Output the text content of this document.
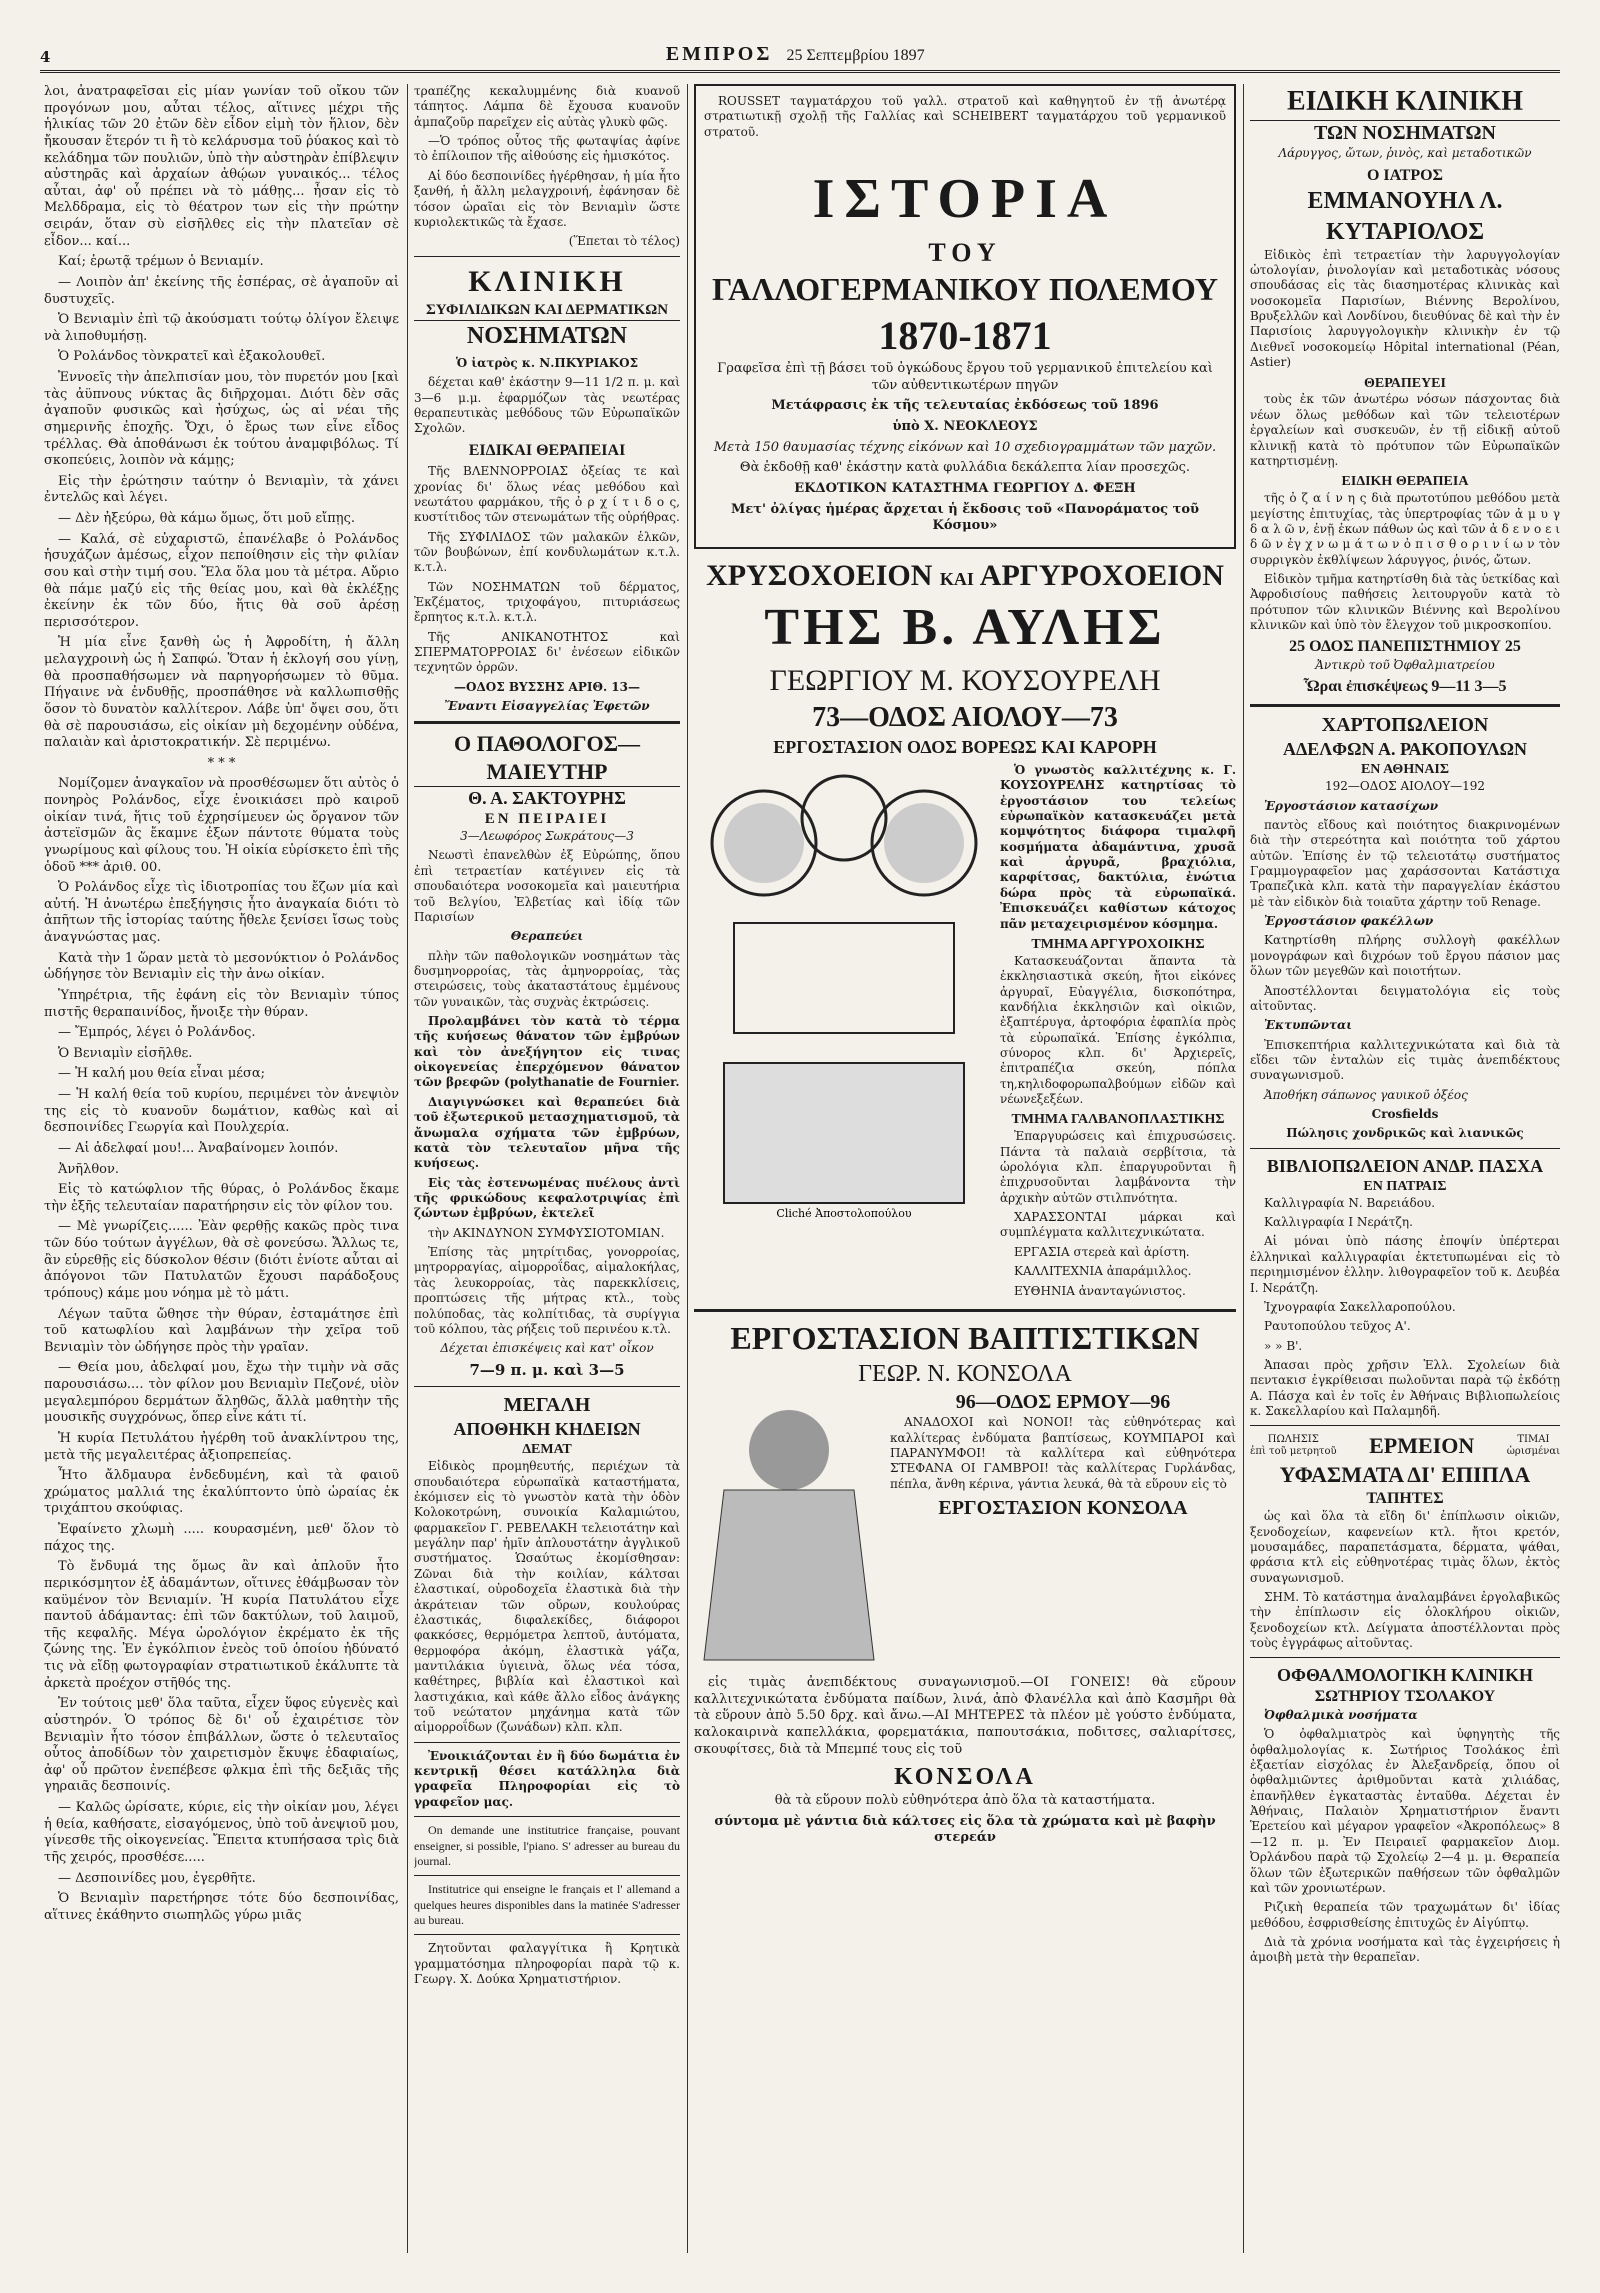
4	ΕΜΠΡΟΣ 25 Σεπτεμβρίου 1897

λοι, ἀνατραφεῖσαι εἰς μίαν γωνίαν τοῦ οἴκου τῶν προγόνων μου, αὗται τέλος, αἵτινες μέχρι τῆς ἡλικίας τῶν 20 ἐτῶν δὲν εἶδον εἰμὴ τὸν ἥλιον, δὲν ἤκουσαν ἕτερόν τι ἢ τὸ κελάρυσμα τοῦ ῥύακος καὶ τὸ κελάδημα τῶν πουλιῶν, ὑπὸ τὴν αὐστηρὰν ἐπίβλεψιν αὐστηρᾶς καὶ ἀρχαίων ἀθῴων γυναικός... τέλος αὗται, ἀφ' οὗ πρέπει νὰ τὸ μάθῃς... ἦσαν εἰς τὸ Μελδδραμα, εἰς τὸ θέατρον των εἰς τὴν πρώτην σειράν, ὅταν σὺ εἰσῆλθες εἰς τὴν πλατεῖαν σὲ εἶδον... καί...

Καί; ἐρωτᾷ τρέμων ὁ Βενιαμίν.

— Λοιπὸν ἀπ' ἐκείνης τῆς ἑσπέρας, σὲ ἀγαποῦν αἱ δυστυχεῖς.

Ὁ Βενιαμὶν ἐπὶ τῷ ἀκούσματι τούτῳ ὀλίγον ἔλειψε νὰ λιποθυμήσῃ.

Ὁ Ρολάνδος τὸνκρατεῖ καὶ ἐξακολουθεῖ.

Ἐννοεῖς τὴν ἀπελπισίαν μου, τὸν πυρετόν μου [καὶ τὰς ἀϋπνους νύκτας ἃς διῆρχομαι. Διότι δὲν σᾶς ἀγαποῦν φυσικῶς καὶ ἠσύχως, ὡς αἱ νέαι τῆς σημερινῆς ἐποχῆς. Ὄχι, ὁ ἔρως των εἶνε εἶδος τρέλλας. Θὰ ἀποθάνωσι ἐκ τούτου ἀναμφιβόλως. Τί σκοπεύεις, λοιπὸν νὰ κάμῃς;

Εἰς τὴν ἐρώτησιν ταύτην ὁ Βενιαμὶν, τὰ χάνει ἐντελῶς καὶ λέγει.

— Δὲν ἠξεύρω, θὰ κάμω ὅμως, ὅτι μοῦ εἴπῃς.

— Καλά, σὲ εὐχαριστῶ, ἐπανέλαβε ὁ Ρολάνδος ἡσυχάζων ἀμέσως, εἶχον πεποίθησιν εἰς τὴν φιλίαν σου καὶ στὴν τιμή σου. Ἔλα ὅλα μου τὰ μέτρα. Αὔριο θὰ πάμε μαζύ εἰς τῆς θείας μου, καὶ θὰ ἐκλέξῃς ἐκείνην ἐκ τῶν δύο, ἥτις θὰ σοῦ ἀρέσῃ περισσότερον.

Ἡ μία εἶνε ξανθὴ ὡς ἡ Ἀφροδίτη, ἡ ἄλλη μελαγχροινὴ ὡς ἡ Σαπφώ. Ὅταν ἡ ἐκλογή σου γίνῃ, θὰ προσπαθήσωμεν νὰ παρηγορήσωμεν τὸ θῦμα. Πήγαινε νὰ ἐνδυθῇς, προσπάθησε νὰ καλλωπισθῇς ὅσον τὸ δυνατὸν καλλίτερον. Λάβε ὑπ' ὄψει σου, ὅτι θὰ σὲ παρουσιάσω, εἰς οἰκίαν μὴ δεχομένην οὐδένα, παλαιὰν καὶ ἀριστοκρατικήν. Σὲ περιμένω.

* * *

Νομίζομεν ἀναγκαῖον νὰ προσθέσωμεν ὅτι αὐτὸς ὁ πονηρὸς Ρολάνδος, εἶχε ἐνοικιάσει πρὸ καιροῦ οἰκίαν τινά, ἥτις τοῦ ἐχρησίμευεν ὡς ὄργανον τῶν ἀστεϊσμῶν ἃς ἔκαμνε ἐξων πάντοτε θύματα τοὺς γνωρίμους καὶ φίλους του. Ἡ οἰκία εὑρίσκετο ἐπὶ τῆς ὁδοῦ *** ἀριθ. 00.

Ὁ Ρολάνδος εἶχε τὶς ἰδιοτροπίας του ἔζων μία καὶ αὐτή. Ἡ ἀνωτέρω ἐπεξήγησις ἦτο ἀναγκαία διότι τὸ ἀπῆτων τῆς ἱστορίας ταύτης ἤθελε ξενίσει ἴσως τοὺς ἀναγνώστας μας.

Κατὰ τὴν 1 ὥραν μετὰ τὸ μεσονύκτιον ὁ Ρολάνδος ὡδήγησε τὸν Βενιαμὶν εἰς τὴν ἀνω οἰκίαν.

Ὑπηρέτρια, τῆς ἐφάνη εἰς τὸν Βενιαμὶν τύπος πιστῆς θεραπαινίδος, ἤνοιξε τὴν θύραν.

— Ἔμπρός, λέγει ὁ Ρολάνδος.

Ὁ Βενιαμὶν εἰσῆλθε.

— Ἡ καλή μου θεία εἶναι μέσα;

— Ἡ καλή θεία τοῦ κυρίου, περιμένει τὸν ἀνεψιὸν της εἰς τὸ κυανοῦν δωμάτιον, καθὼς καὶ αἱ δεσποινίδες Γεωργία καὶ Πουλχερία.

— Αἱ ἀδελφαί μου!... Ἀναβαίνομεν λοιπόν.

Ἀνῆλθον.

Εἰς τὸ κατώφλιον τῆς θύρας, ὁ Ρολάνδος ἔκαμε τὴν ἑξῆς τελευταίαν παρατήρησιν εἰς τὸν φίλον του.

— Μὲ γνωρίζεις...... Ἐὰν φερθῇς κακῶς πρὸς τινα τῶν δύο τούτων ἀγγέλων, θὰ σὲ φονεύσω. Ἄλλως τε, ἂν εὑρεθῇς εἰς δύσκολον θέσιν (διότι ἐνίοτε αὗται αἱ ἀπόγονοι τῶν Πατυλατῶν ἔχουσι παράδοξους τρόπους) κάμε μου νόημα μὲ τὸ μάτι.

Λέγων ταῦτα ὤθησε τὴν θύραν, ἐσταμάτησε ἐπὶ τοῦ κατωφλίου καὶ λαμβάνων τὴν χεῖρα τοῦ Βενιαμὶν τὸν ὡδήγησε πρὸς τὴν γραῖαν.

— Θεία μου, ἀδελφαί μου, ἔχω τὴν τιμὴν νὰ σᾶς παρουσιάσω.... τὸν φίλον μου Βενιαμὶν Πεζονέ, υἱὸν μεγαλεμπόρου δερμάτων ἄληθῶς, ἄλλὰ μαθητὴν τῆς μουσικῆς συγχρόνως, ὅπερ εἶνε κάτι τί.

Ἡ κυρία Πετυλάτου ἠγέρθη τοῦ ἀνακλίντρου της, μετὰ τῆς μεγαλειτέρας ἀξιοπρεπείας.

Ἦτο ἄλδμαυρα ἐνδεδυμένη, καὶ τὰ φαιοῦ χρώματος μαλλιά της ἐκαλύπτοντο ὑπὸ ὡραίας ἐκ τριχάπτου σκούφιας.

Ἐφαίνετο χλωμὴ ..... κουρασμένη, μεθ' ὅλον τὸ πάχος της.

Τὸ ἔνδυμά της ὅμως ἂν καὶ ἁπλοῦν ἦτο περικόσμητον ἐξ ἀδαμάντων, οἵτινες ἐθάμβωσαν τὸν καϋμένον τὸν Βενιαμίν. Ἡ κυρία Πατυλάτου εἶχε παντοῦ ἀδάμαντας: ἐπὶ τῶν δακτύλων, τοῦ λαιμοῦ, τῆς κεφαλῆς. Μέγα ὡρολόγιον ἐκρέματο ἐκ τῆς ζώνης της. Ἐν ἐγκόλπιον ἐνεὸς τοῦ ὁποίου ἠδύνατό τις νὰ εἴδῃ φωτογραφίαν στρατιωτικοῦ ἐκάλυπτε τὰ ἀρκετὰ προέχον στῆθός της.

Ἐν τούτοις μεθ' ὅλα ταῦτα, εἶχεν ὕφος εὐγενὲς καὶ αὐστηρόν. Ὁ τρόπος δὲ δι' οὗ ἐχαιρέτισε τὸν Βενιαμὶν ἦτο τόσον ἐπιβάλλων, ὥστε ὁ τελευταῖος οὗτος ἀποδίδων τὸν χαιρετισμὸν ἔκυψε ἐδαφιαίως, ἀφ' οὗ πρῶτον ἐνεπέβεσε φλκμα ἐπὶ τῆς δεξιᾶς τῆς γηραιᾶς δεσποινίς.

— Καλῶς ὡρίσατε, κύριε, εἰς τὴν οἰκίαν μου, λέγει ἡ θεία, καθήσατε, εἰσαγόμενος, ὑπὸ τοῦ ἀνεψιοῦ μου, γίνεσθε τῆς οἰκογενείας. Ἔπειτα κτυπήσασα τρὶς διὰ τῆς χειρός, προσθέσε.....

— Δεσποινίδες μου, ἐγερθῆτε.

Ὁ Βενιαμὶν παρετήρησε τότε δύο δεσποινίδας, αἵτινες ἐκάθηντο σιωπηλῶς γύρω μιᾶς

τραπέζης κεκαλυμμένης διὰ κυανοῦ τάπητος. Λάμπα δὲ ἔχουσα κυανοῦν ἀμπαζοῦρ παρεῖχεν εἰς αὐτὰς γλυκὺ φῶς.

—Ὁ τρόπος οὗτος τῆς φωταψίας ἀφίνε τὸ ἐπίλοιπον τῆς αἰθούσης εἰς ἡμισκότος.

Αἱ δύο δεσποινίδες ἠγέρθησαν, ἡ μία ἦτο ξανθή, ἡ ἄλλη μελαγχροινή, ἐφάνησαν δὲ τόσον ὡραῖαι εἰς τὸν Βενιαμὶν ὥστε κυριολεκτικῶς τὰ ἔχασε.

(Ἕπεται τὸ τέλος)

ΚΛΙΝΙΚΗ
ΣΥΦΙΛΙΔΙΚΩΝ ΚΑΙ ΔΕΡΜΑΤΙΚΩΝ
ΝΟΣΗΜΑΤΩΝ

Ὁ ἰατρὸς κ. Ν.ΠΚΥΡΙΑΚΟΣ

δέχεται καθ' ἑκάστην 9—11 1/2 π. μ. καὶ 3—6 μ.μ. ἐφαρμόζων τὰς νεωτέρας θεραπευτικὰς μεθόδους τῶν Εὐρωπαϊκῶν Σχολῶν.

ΕΙΔΙΚΑΙ ΘΕΡΑΠΕΙΑΙ

Τῆς ΒΛΕΝΝΟΡΡΟΙΑΣ ὀξείας τε καὶ χρονίας δι' ὅλως νέας μεθόδου καὶ νεωτάτου φαρμάκου, τῆς ὀ ρ χ ί τ ι δ ο ς, κυστίτιδος τῶν στενωμάτων τῆς οὐρήθρας.

Τῆς ΣΥΦΙΛΙΔΟΣ τῶν μαλακῶν ἑλκῶν, τῶν βουβώνων, ἐπί κονδυλωμάτων κ.τ.λ. κ.τ.λ.

Τῶν ΝΟΣΗΜΑΤΩΝ τοῦ δέρματος, Ἐκζέματος, τριχοφάγου, πιτυριάσεως ἔρπητος κ.τ.λ. κ.τ.λ.

Τῆς ΑΝΙΚΑΝΟΤΗΤΟΣ καὶ ΣΠΕΡΜΑΤΟΡΡΟΙΑΣ δι' ἐνέσεων εἰδικῶν τεχνητῶν ὀρρῶν.

—ΟΔΟΣ ΒΥΣΣΗΣ ΑΡΙΘ. 13—

Ἔναντι Εἰσαγγελίας Ἐφετῶν

Ο ΠΑΘΟΛΟΓΟΣ—ΜΑΙΕΥΤΗΡ
Θ. Α. ΣΑΚΤΟΥΡΗΣ
ΕΝ ΠΕΙΡΑΙΕΙ

3—Λεωφόρος Σωκράτους—3

Νεωστὶ ἐπανελθὼν ἐξ Εὐρώπης, ὅπου ἐπὶ τετραετίαν κατέγινεν εἰς τὰ σπουδαιότερα νοσοκομεῖα καὶ μαιευτήρια τοῦ Βελγίου, Ἑλβετίας καὶ ἰδίᾳ τῶν Παρισίων

Θεραπεύει

πλὴν τῶν παθολογικῶν νοσημάτων τὰς δυσμηνορροίας, τὰς ἀμηνορροίας, τὰς στειρώσεις, τοὺς ἀκαταστάτους ἐμμένους τῶν γυναικῶν, τὰς συχνὰς ἐκτρώσεις.

Προλαμβάνει τὸν κατὰ τὸ τέρμα τῆς κυήσεως θάνατον τῶν ἐμβρύων καὶ τὸν ἀνεξήγητον εἰς τινας οἰκογενείας ἐπερχόμενον θάνατον τῶν βρεφῶν (polythanatie de Fournier.

Διαγιγνώσκει καὶ θεραπεύει διὰ τοῦ ἐξωτερικοῦ μετασχηματισμοῦ, τὰ ἄνωμαλα σχήματα τῶν ἐμβρύων, κατὰ τὸν τελευταῖον μῆνα τῆς κυήσεως.

Εἰς τὰς ἐστενωμένας πυέλους ἀντὶ τῆς φρικώδους κεφαλοτριψίας ἐπὶ ζώντων ἐμβρύων, ἐκτελεῖ

τὴν ΑΚΙΝΔΥΝΟΝ ΣΥΜΦΥΣΙΟΤΟΜΙΑΝ.

Ἐπίσης τὰς μητρίτιδας, γονορροίας, μητρορραγίας, αἱμορροΐδας, αἱμαλοκήλας, τὰς λευκορροίας, τὰς παρεκκλίσεις, προπτώσεις τῆς μήτρας κτλ., τοὺς πολύποδας, τὰς κολπίτιδας, τὰ συρίγγια τοῦ κόλπου, τὰς ρήξεις τοῦ περινέου κ.τλ.

Δέχεται ἐπισκέψεις καὶ κατ' οἶκον

7—9 π. μ. καὶ 3—5

ΜΕΓΑΛΗ
ΑΠΟΘΗΚΗ ΚΗΔΕΙΩΝ
ΔΕΜΑΤ

Εἰδικὸς προμηθευτής, περιέχων τὰ σπουδαιότερα εὐρωπαϊκὰ καταστήματα, ἐκόμισεν εἰς τὸ γνωστὸν κατὰ τὴν ὁδὸν Κολοκοτρώνη, συνοικία Καλαμιώτου, φαρμακεῖον Γ. ΡΕΒΕΛΑΚΗ τελειοτάτην καὶ μεγάλην παρ' ἡμῖν ἀπλουστάτην ἀγγλικοῦ συστήματος. Ὡσαύτως ἐκομίσθησαν: Ζῶναι διὰ τὴν κοιλίαν, κάλτσαι ἐλαστικαί, οὐροδοχεῖα ἐλαστικὰ διὰ τὴν ἀκράτειαν τῶν οὔρων, κουλούρας ἐλαστικάς, διφαλεκίδες, διάφοροι φακκόσες, θερμόμετρα λεπτοῦ, ἀυτόματα, θερμοφόρα ἀκόμη, ἐλαστικὰ γάζα, μαντιλάκια ὑγιεινὰ, ὅλως νέα τόσα, καθέτηρες, βιβλία καὶ ἐλαστικοὶ καὶ λαστιχάκια, καὶ κάθε ἄλλο εἶδος ἀνάγκης τοῦ νεώτατον μηχάνημα κατὰ τῶν αἱμορροΐδων (ζωνάδων) κλπ. κλπ.

Ἐνοικιάζονται ἐν ἢ δύο δωμάτια ἐν κεντρικῇ θέσει κατάλληλα διὰ γραφεῖα Πληροφορίαι εἰς τὸ γραφεῖον μας.

On demande une institutrice française, pouvant enseigner, si possible, l'piano. S' adresser au bureau du journal.

Institutrice qui enseigne le français et l' allemand a quelques heures disponibles dans la matinée S'adresser au bureau.

Ζητοῦνται φαλαγγίτικα ἢ Κρητικὰ γραμματόσημα πληροφορίαι παρὰ τῷ κ. Γεωργ. Χ. Δούκα Χρηματιστήριον.

ROUSSET ταγματάρχου τοῦ γαλλ. στρατοῦ καὶ καθηγητοῦ ἐν τῇ ἀνωτέρᾳ στρατιωτικῇ σχολῇ τῆς Γαλλίας καὶ SCHEIBERT ταγματάρχου τοῦ γερμανικοῦ στρατοῦ.

ΙΣΤΟΡΙΑ
ΤΟΥ
ΓΑΛΛΟΓΕΡΜΑΝΙΚΟΥ ΠΟΛΕΜΟΥ
1870-1871

Γραφεῖσα ἐπὶ τῇ βάσει τοῦ ὀγκώδους ἔργου τοῦ γερμανικοῦ ἐπιτελείου καὶ τῶν αὐθεντικωτέρων πηγῶν

Μετάφρασις ἐκ τῆς τελευταίας ἐκδόσεως τοῦ 1896

ὑπὸ Χ. ΝΕΟΚΛΕΟΥΣ

Μετὰ 150 θαυμασίας τέχνης εἰκόνων καὶ 10 σχεδιογραμμάτων τῶν μαχῶν.

Θὰ ἐκδοθῇ καθ' ἑκάστην κατὰ φυλλάδια δεκάλεπτα λίαν προσεχῶς.

ΕΚΔΟΤΙΚΟΝ ΚΑΤΑΣΤΗΜΑ ΓΕΩΡΓΙΟΥ Δ. ΦΕΞΗ

Μετ' ὀλίγας ἡμέρας ἄρχεται ἡ ἔκδοσις τοῦ «Πανοράματος τοῦ Κόσμου»

ΧΡΥΣΟΧΟΕΙΟΝ ΚΑΙ ΑΡΓΥΡΟΧΟΕΙΟΝ
ΤΗΣ Β. ΑΥΛΗΣ
ΓΕΩΡΓΙΟΥ Μ. ΚΟΥΣΟΥΡΕΛΗ
73—ΟΔΟΣ ΑΙΟΛΟΥ—73
ΕΡΓΟΣΤΑΣΙΟΝ ΟΔΟΣ ΒΟΡΕΩΣ ΚΑΙ ΚΑΡΟΡΗ
Cliché Ἀποστολοπούλου

Ὁ γνωστὸς καλλιτέχνης κ. Γ. ΚΟΥΣΟΥΡΕΛΗΣ κατηρτίσας τὸ ἐργοστάσιον του τελείως εὐρωπαϊκὸν κατασκευάζει μετὰ κομψότητος διάφορα τιμαλφῆ κοσμήματα ἀδαμάντινα, χρυσᾶ καὶ ἀργυρᾶ, βραχιόλια, καρφίτσας, δακτύλια, ἐνώτια δώρα πρὸς τὰ εὐρωπαϊκά. Ἐπισκευάζει καθίστων κάτοχος πᾶν μεταχειρισμένον κόσμημα.

ΤΜΗΜΑ ΑΡΓΥΡΟΧΟΙΚΗΣ

Κατασκευάζονται ἅπαντα τὰ ἐκκλησιαστικὰ σκεύη, ἤτοι εἰκόνες ἀργυραῖ, Εὐαγγέλια, δισκοπότηρα, κανδήλια ἐκκλησιῶν καὶ οἰκιῶν, ἐξαπτέρυγα, ἀρτοφόρια ἐφαπλία πρὸς τὰ εὐρωπαϊκά. Ἐπίσης ἐγκόλπια, σύνορος κλπ. δι' Ἀρχιερεῖς, ἐπιτραπέζια σκεύη, πόπλα τη,κηλιδοφορωπαλβούμων εἰδῶν καὶ νέωνεξεξέων.

ΤΜΗΜΑ ΓΑΛΒΑΝΟΠΛΑΣΤΙΚΗΣ

Ἐπαργυρώσεις καὶ ἐπιχρυσώσεις. Πάντα τὰ παλαιὰ σερβίτσια, τὰ ὡρολόγια κλπ. ἐπαργυροῦνται ἢ ἐπιχρυσοῦνται λαμβάνοντα τὴν ἀρχικὴν αὐτῶν στιλπνότητα.

ΧΑΡΑΣΣΟΝΤΑΙ μάρκαι καὶ συμπλέγματα καλλιτεχνικώτατα.

ΕΡΓΑΣΙΑ στερεὰ καὶ ἀρίστη.

ΚΑΛΛΙΤΕΧΝΙΑ ἀπαράμιλλος.

ΕΥΘΗΝΙΑ ἀνανταγώνιστος.

ΕΡΓΟΣΤΑΣΙΟΝ ΒΑΠΤΙΣΤΙΚΩΝ
ΓΕΩΡ. Ν. ΚΟΝΣΟΛΑ
96—ΟΔΟΣ ΕΡΜΟΥ—96

ΑΝΑΔΟΧΟΙ καὶ ΝΟΝΟΙ! τὰς εὐθηνότερας καὶ καλλίτερας ἐνδύματα βαπτίσεως, ΚΟΥΜΠΑΡΟΙ καὶ ΠΑΡΑΝΥΜΦΟΙ! τὰ καλλίτερα καὶ εὐθηνότερα ΣΤΕΦΑΝΑ ΟΙ ΓΑΜΒΡΟΙ! τὰς καλλίτερας Γυρλάνδας, πέπλα, ἄνθη κέρινα, γάντια λευκά, θὰ τὰ εὕρουν εἰς τὸ

ΕΡΓΟΣΤΑΣΙΟΝ ΚΟΝΣΟΛΑ

εἰς τιμὰς ἀνεπιδέκτους συναγωνισμοῦ.—ΟΙ ΓΟΝΕΙΣ! θὰ εὕρουν καλλιτεχνικώτατα ἐνδύματα παίδων, λινά, ἀπὸ Φλανέλλα καὶ ἀπὸ Κασμῆρι θὰ τὰ εὕρουν ἀπὸ 5.50 δρχ. καὶ ἄνω.—ΑΙ ΜΗΤΕΡΕΣ τὰ πλέον μὲ γούστο ἐνδύματα, καλοκαιρινὰ καπελλάκια, φορεματάκια, παπουτσάκια, ποδιτσες, σαλιαρίτσες, σκουφίτσες, διὰ τὰ Μπεμπέ τους εἰς τοῦ

ΚΟΝΣΟΛΑ

θὰ τὰ εὕρουν πολὺ εὐθηνότερα ἀπὸ ὅλα τὰ καταστήματα.

σύντομα μὲ γάντια διὰ κάλτσες εἰς ὅλα τὰ χρώματα καὶ μὲ βαφὴν στερεάν

ΕΙΔΙΚΗ ΚΛΙΝΙΚΗ
ΤΩΝ ΝΟΣΗΜΑΤΩΝ

Λάρυγγος, ὤτων, ῥινὸς, καὶ μεταδοτικῶν

Ο ΙΑΤΡΟΣ
ΕΜΜΑΝΟΥΗΛ Λ. ΚΥΤΑΡΙΟΛΟΣ

Εἰδικὸς ἐπὶ τετραετίαν τὴν λαρυγγολογίαν ὠτολογίαν, ῥινολογίαν καὶ μεταδοτικὰς νόσους σπουδάσας εἰς τὰς διασημοτέρας κλινικὰς καὶ νοσοκομεῖα Παρισίων, Βιέννης Βερολίνου, Βρυξελλῶν καὶ Λονδίνου, διευθύνας δὲ καὶ τὴν ἐν Παρισίοις λαρυγγολογικὴν κλινικὴν ἐν τῷ Διεθνεῖ νοσοκομείῳ Hôpital international (Péan, Astier)

ΘΕΡΑΠΕΥΕΙ

τοὺς ἐκ τῶν ἀνωτέρω νόσων πάσχοντας διὰ νέων ὅλως μεθόδων καὶ τῶν τελειοτέρων ἐργαλείων καὶ συσκευῶν, ἐν τῇ εἰδικῇ αὐτοῦ κλινικῇ κατὰ τὸ πρότυπον τῶν Εὐρωπαϊκῶν κατηρτισμένῃ.

ΕΙΔΙΚΗ ΘΕΡΑΠΕΙΑ

τῆς ὀ ζ α ί ν η ς διὰ πρωτοτύπου μεθόδου μετὰ μεγίστης ἐπιτυχίας, τὰς ὑπερτροφίας τῶν ἀ μ υ γ δ α λ ῶ ν, ἐνῇ ἐκων πάθων ὡς καὶ τῶν ἀ δ ε ν ο ε ι δ ῶ ν ἐγ χ ν ω μ ά τ ω ν ὀ π ι σ θ ο ρ ι ν ί ω ν τὸν συρριγκὸν ἐκθλίψεων λάρυγγος, ῥινός, ὤτων.

Εἰδικὸν τμῆμα κατηρτίσθη διὰ τὰς ὑετκίδας καὶ Ἀφροδισίους παθήσεις λειτουργοῦν κατὰ τὸ πρότυπον τῶν κλινικῶν Βιέννης καὶ Βερολίνου κλινικῶν καὶ ὑπὸ τὸν ἔλεγχον τοῦ μικροσκοπίου.

25 ΟΔΟΣ ΠΑΝΕΠΙΣΤΗΜΙΟΥ 25

Ἀντικρὺ τοῦ Ὀφθαλμιατρείου

Ὧραι ἐπισκέψεως 9—11 3—5
ΧΑΡΤΟΠΩΛΕΙΟΝ
ΑΔΕΛΦΩΝ Α. ΡΑΚΟΠΟΥΛΩΝ
ΕΝ ΑΘΗΝΑΙΣ

192—ΟΔΟΣ ΑΙΟΛΟΥ—192

Ἐργοστάσιον κατασίχων

παντὸς εἴδους καὶ ποιότητος διακρινομένων διὰ τὴν στερεότητα καὶ ποιότητα τοῦ χάρτου αὐτῶν. Ἐπίσης ἐν τῷ τελειοτάτῳ συστήματος Γραμμογραφεῖον μας χαράσσονται Κατάστιχα Τραπεζικὰ κλπ. κατὰ τὴν παραγγελίαν ἐκάστου μὲ τὰν εἰδικὸν διὰ τοιαῦτα χάρτην τοῦ Renage.

Ἐργοστάσιον φακέλλων

Κατηρτίσθη πλήρης συλλογὴ φακέλλων μονογράφων καὶ διχρόων τοῦ ἔργου πάσιον μας ὅλων τῶν μεγεθῶν καὶ ποιοτήτων.

Ἀποστέλλονται δειγματολόγια εἰς τοὺς αἰτοῦντας.

Ἐκτυπῶνται

Ἐπισκεπτήρια καλλιτεχνικώτατα καὶ διὰ τὰ εἴδει τῶν ἐνταλὼν εἰς τιμὰς ἀνεπιδέκτους συναγωνισμοῦ.

Ἀποθήκη σάπωνος γαυικοῦ ὀξέος

Crosfields

Πώλησις χονδρικῶς καὶ λιανικῶς

ΒΙΒΛΙΟΠΩΛΕΙΟΝ ΑΝΔΡ. ΠΑΣΧΑ
ΕΝ ΠΑΤΡΑΙΣ

Καλλιγραφία Ν. Βαρειάδου.

Καλλιγραφία Ι Νεράτζη.

Αἱ μόναι ὑπὸ πάσης ἐποψίν ὑπέρτεραι ἐλληνικαὶ καλλιγραφίαι ἐκτετυπωμέναι εἰς τὸ περιημισμένον ἐλλην. λιθογραφεῖον τοῦ κ. Δευβέα Ι. Νεράτζη.

Ἰχνογραφία Σακελλαροπούλου.

Ραυτοπούλου τεῦχος Α'.

» » Β'.

Ἀπασαι πρὸς χρῆσιν Ἑλλ. Σχολείων διὰ πεντακισ ἐγκρίθεισαι πωλοῦνται παρὰ τῷ ἐκδότῃ Α. Πάσχα καὶ ἐν τοῖς ἐν Ἀθήναις Βιβλιοπωλείοις κ. Σακελλαρίου καὶ Παλαμηδῆ.

ΠΩΛΗΣΙΣ
ἐπὶ τοῦ μετρητοῦ ΕΡΜΕΙΟΝ	ΤΙΜΑΙ
ὡρισμέναι
ΥΦΑΣΜΑΤΑ ΔΙ' ΕΠΙΠΛΑ
ΤΑΠΗΤΕΣ

ὡς καὶ ὅλα τὰ εἴδη δι' ἐπίπλωσιν οἰκιῶν, ξενοδοχείων, καφενείων κτλ. ἤτοι κρετόν, μουσαμάδες, παραπετάσματα, δέρματα, ψάθαι, φράσια κτλ εἰς εὐθηνοτέρας τιμὰς ὅλων, ἐκτὸς συναγωνισμοῦ.

ΣΗΜ. Τὸ κατάστημα ἀναλαμβάνει ἐργολαβικῶς τὴν ἐπίπλωσιν εἰς ὁλοκλήρου οἰκιῶν, ξενοδοχείων κτλ. Δείγματα ἀποστέλλονται πρὸς τοὺς ἐγγράφως αἰτοῦντας.

ΟΦΘΑΛΜΟΛΟΓΙΚΗ ΚΛΙΝΙΚΗ
ΣΩΤΗΡΙΟΥ ΤΣΟΛΑΚΟΥ

Ὀφθαλμικὰ νοσήματα

Ὁ ὀφθαλμιατρὸς καὶ ὑφηγητὴς τῆς ὀφθαλμολογίας κ. Σωτήριος Τσολάκος ἐπὶ ἐξαετίαν εἰσχόλας ἐν Ἀλεξανδρείᾳ, ὅπου οἱ ὀφθαλμιῶντες ἀριθμοῦνται κατὰ χιλιάδας, ἐπανῆλθεν ἐγκαταστὰς ἐνταῦθα. Δέχεται ἐν Ἀθήναις, Παλαιὸν Χρηματιστήριον ἔναντι Ἑρετείου καὶ μέγαρον γραφεῖον «Ἀκροπόλεως» 8—12 π. μ. Ἐν Πειραιεῖ φαρμακεῖον Διομ. Ὀρλάνδου παρὰ τῷ Σχολείῳ 2—4 μ. μ. Θεραπεία ὅλων τῶν ἐξωτερικῶν παθήσεων τῶν ὀφθαλμῶν καὶ τῶν χρονιωτέρων.

Ριζικὴ θεραπεία τῶν τραχωμάτων δι' ἰδίας μεθόδου, ἐσφρισθείσης ἐπιτυχῶς ἐν Αἰγύπτῳ.

Διὰ τὰ χρόνια νοσήματα καὶ τὰς ἐγχειρήσεις ἡ ἀμοιβὴ μετὰ τὴν θεραπεῖαν.
